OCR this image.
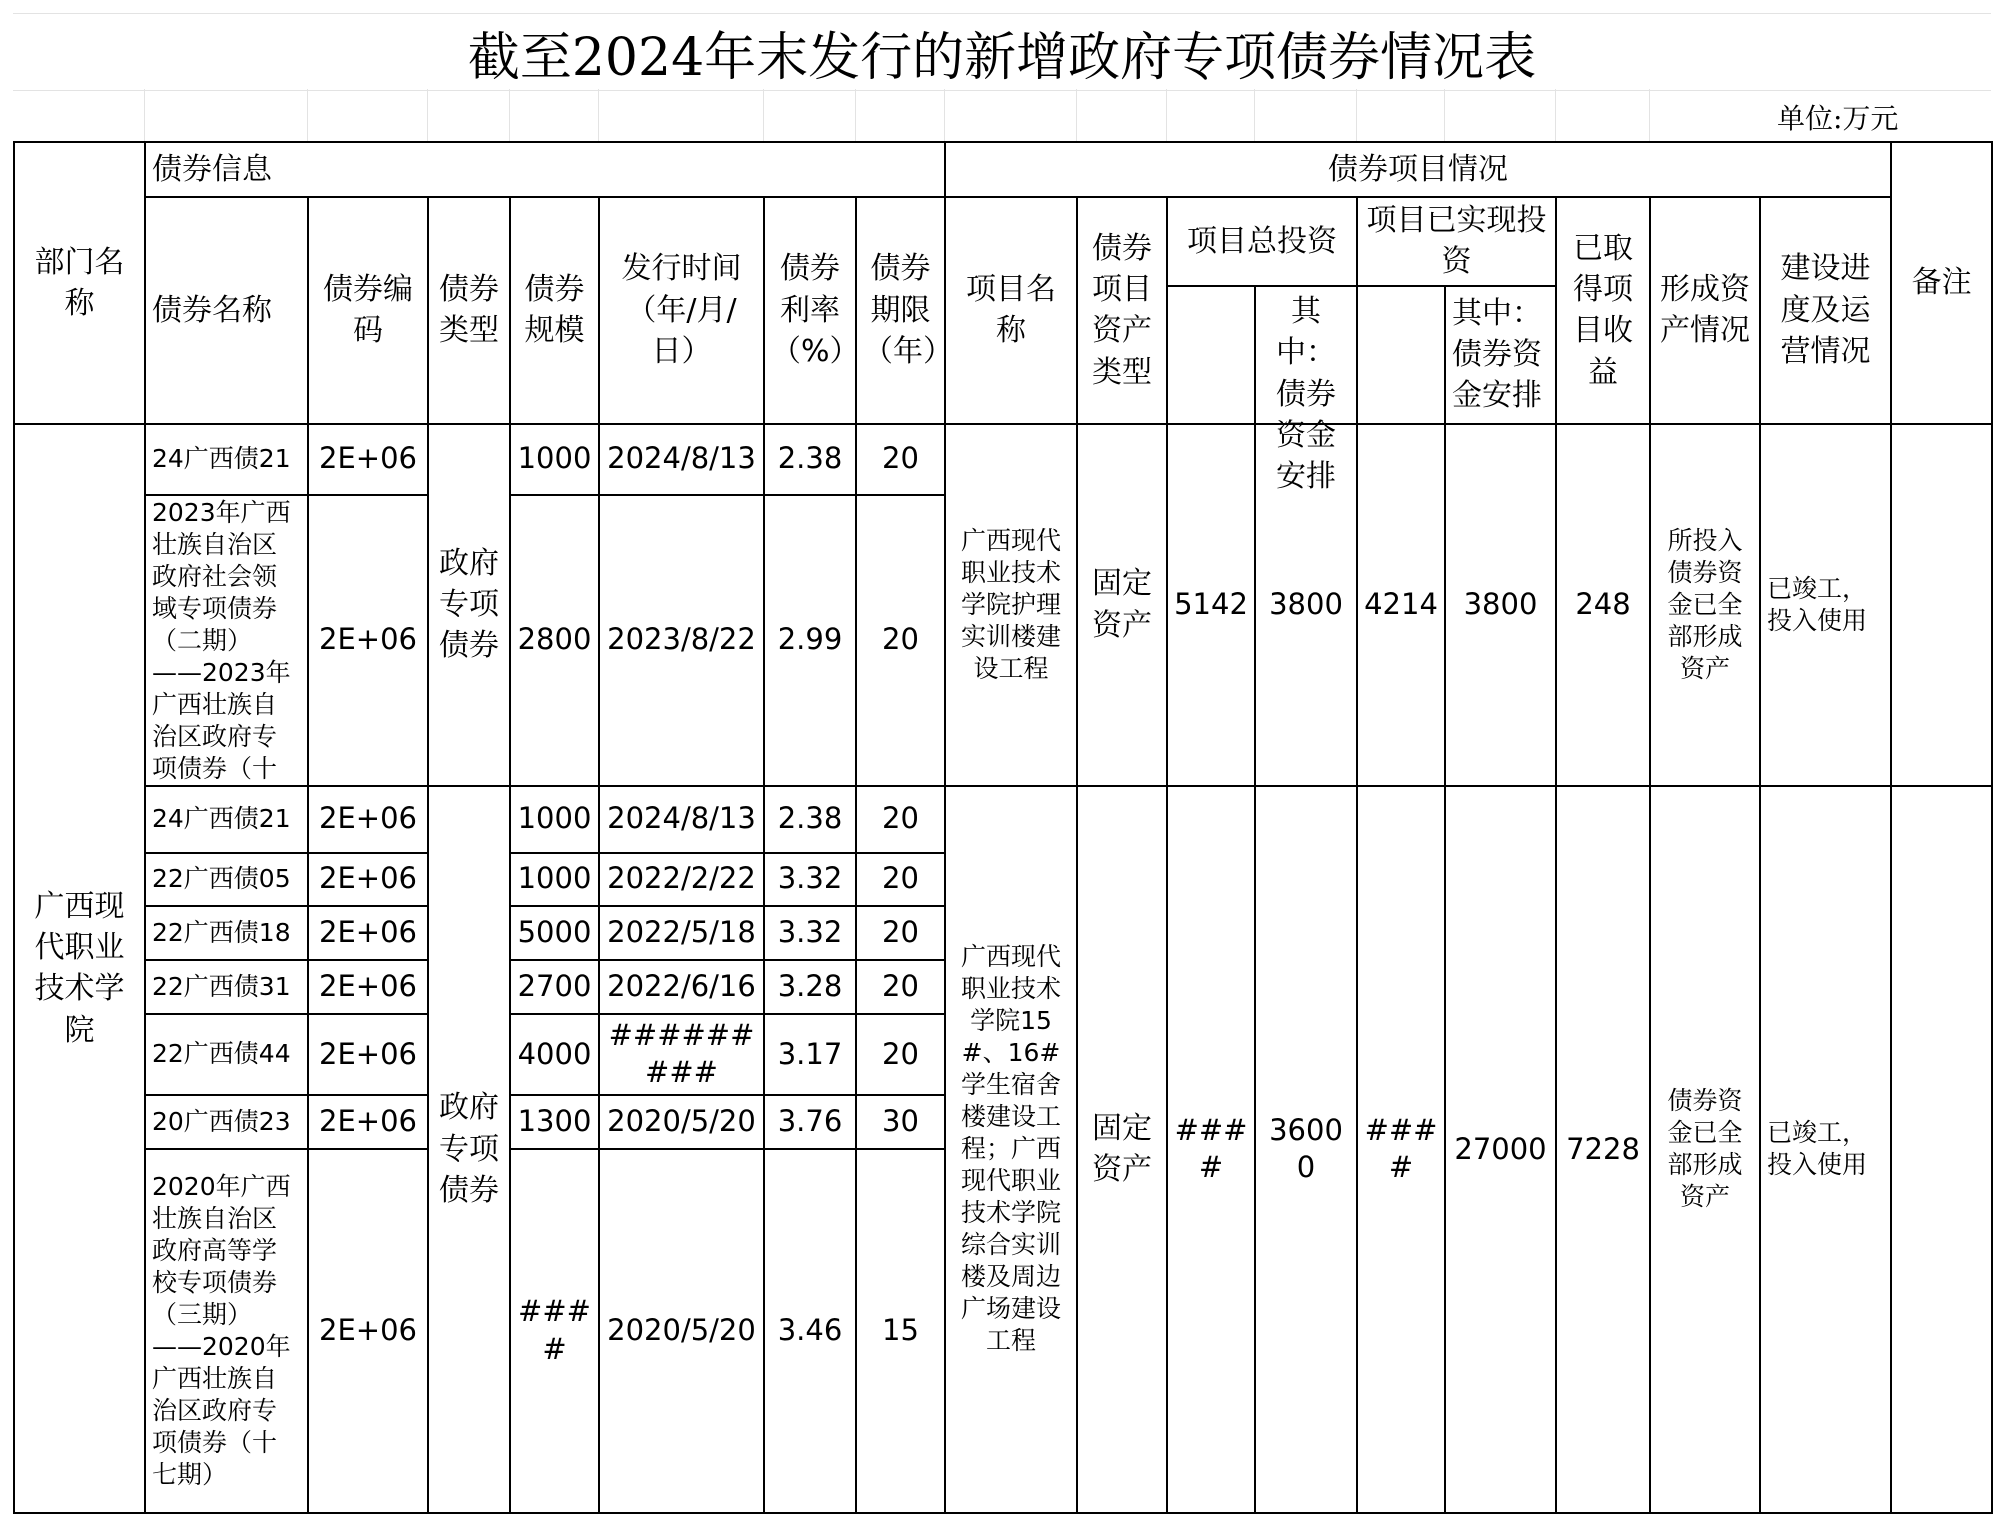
截至2024年末发行的新增政府专项债券情况表
单位:万元
部门名称	债券信息							债券项目情况									备注
	债券名称	债券编码	债券类型	债券规模	发行时间（年/月/日）	债券利率（%）	债券期限（年）	项目名称	债券项目资产类型	项目总投资		项目已实现投资		已取得项目收益	形成资产情况	建设进度及运营情况	

											其中：债券资金安排		其中：债券资金安排				
广西现代职业技术学院	24广西债21	2E+06	政府专项债券	1000	2024/8/13	2.38	20	广西现代职业技术学院护理实训楼建设工程	固定资产	5142	3800	4214	3800	248	所投入债券资金已全部形成资产	已竣工，投入使用	

	2023年广西壮族自治区政府社会领域专项债券（二期）——2023年广西壮族自治区政府专项债券（十	2E+06		2800	2023/8/22	2.99	20										
	24广西债21	2E+06	政府专项债券	1000	2024/8/13	2.38	20	广西现代职业技术学院15#、16#学生宿舍楼建设工程；广西现代职业技术学院综合实训楼及周边广场建设工程	固定资产	####	36000	####	27000	7228	债券资金已全部形成资产	已竣工，投入使用	
	22广西债05	2E+06		1000	2022/2/22	3.32	20										
	22广西债18	2E+06		5000	2022/5/18	3.32	20										
	22广西债31	2E+06		2700	2022/6/16	3.28	20										
	22广西债44	2E+06		4000	#########	3.17	20										
	20广西债23	2E+06		1300	2020/5/20	3.76	30										
	2020年广西壮族自治区政府高等学校专项债券（三期）——2020年广西壮族自治区政府专项债券（十七期）	2E+06		####	2020/5/20	3.46	15										
